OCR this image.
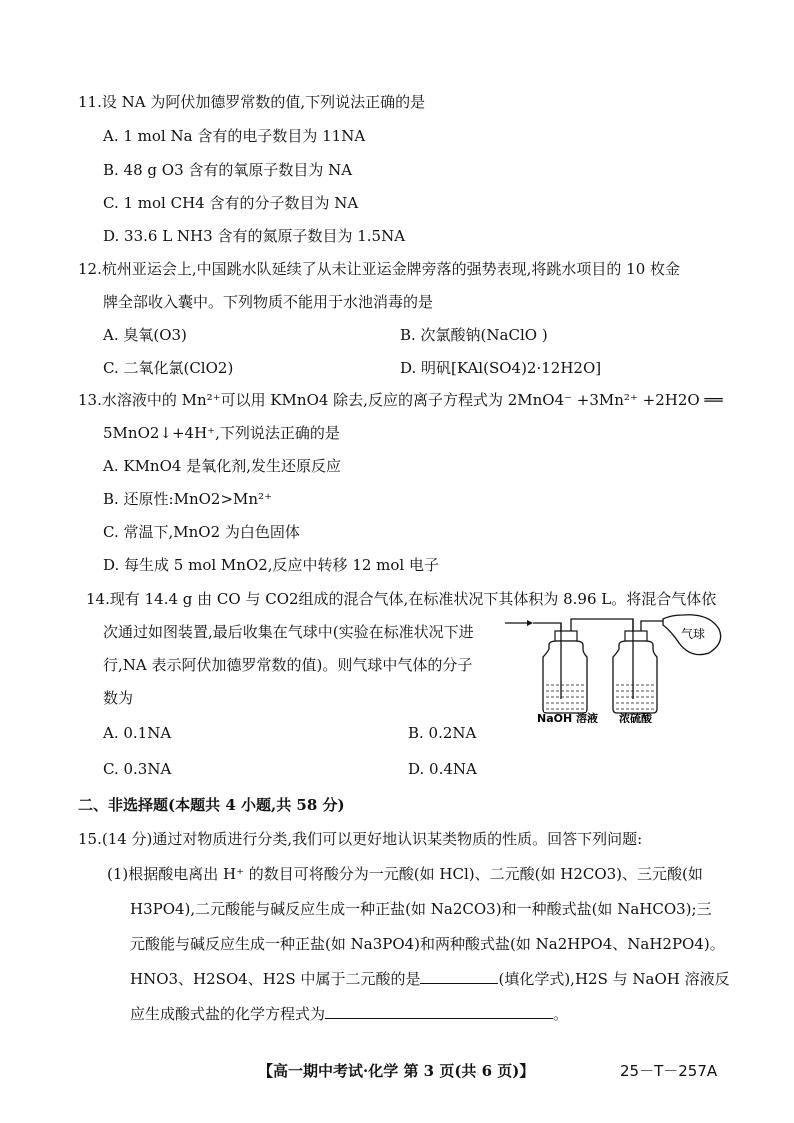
11.设 NA 为阿伏加德罗常数的值,下列说法正确的是
A. 1 mol Na 含有的电子数目为 11NA
B. 48 g O3 含有的氧原子数目为 NA
C. 1 mol CH4 含有的分子数目为 NA
D. 33.6 L NH3 含有的氮原子数目为 1.5NA
12.杭州亚运会上,中国跳水队延续了从未让亚运金牌旁落的强势表现,将跳水项目的 10 枚金
牌全部收入囊中。下列物质不能用于水池消毒的是
A. 臭氧(O3)	B. 次氯酸钠(NaClO )
C. 二氧化氯(ClO2)	D. 明矾[KAl(SO4)2·12H2O]
13.水溶液中的 Mn²⁺可以用 KMnO4 除去,反应的离子方程式为 2MnO4⁻ +3Mn²⁺ +2H2O ══
5MnO2↓+4H⁺,下列说法正确的是
A. KMnO4 是氧化剂,发生还原反应
B. 还原性:MnO2>Mn²⁺
C. 常温下,MnO2 为白色固体
D. 每生成 5 mol MnO2,反应中转移 12 mol 电子
14.现有 14.4 g 由 CO 与 CO2组成的混合气体,在标准状况下其体积为 8.96 L。将混合气体依
次通过如图装置,最后收集在气球中(实验在标准状况下进
行,NA 表示阿伏加德罗常数的值)。则气球中气体的分子
数为
A. 0.1NA	B. 0.2NA
C. 0.3NA	D. 0.4NA
气球
NaOH 溶液 浓硫酸
二、非选择题(本题共 4 小题,共 58 分)
15.(14 分)通过对物质进行分类,我们可以更好地认识某类物质的性质。回答下列问题:
(1)根据酸电离出 H⁺ 的数目可将酸分为一元酸(如 HCl)、二元酸(如 H2CO3)、三元酸(如
H3PO4),二元酸能与碱反应生成一种正盐(如 Na2CO3)和一种酸式盐(如 NaHCO3);三
元酸能与碱反应生成一种正盐(如 Na3PO4)和两种酸式盐(如 Na2HPO4、NaH2PO4)。
HNO3、H2SO4、H2S 中属于二元酸的是	(填化学式),H2S 与 NaOH 溶液反
应生成酸式盐的化学方程式为	。
【高一期中考试·化学 第 3 页(共 6 页)】	25－T－257A
